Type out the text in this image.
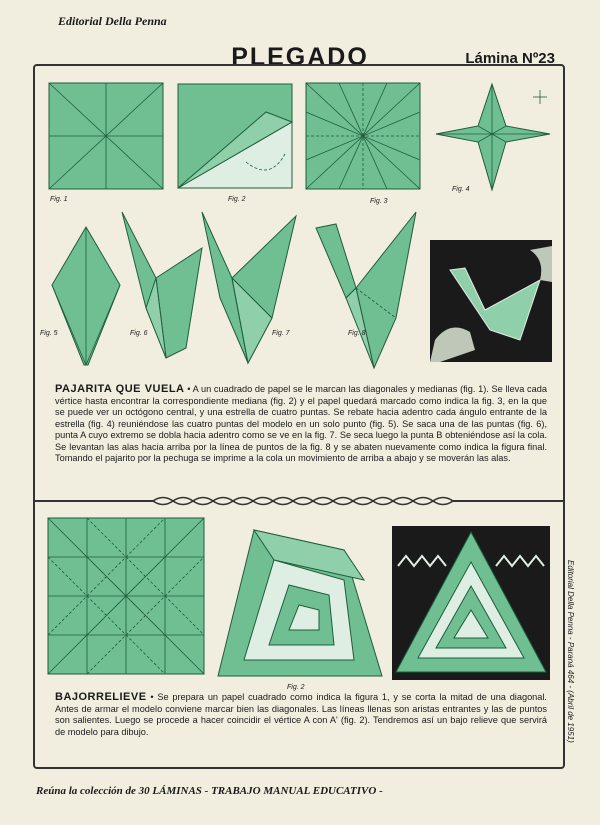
Editorial Della Penna
PLEGADO	Lámina Nº23
Fig. 1	Fig. 2	Fig. 3
Fig. 4
Fig. 5	Fig. 6	Fig. 7	Fig. 8
PAJARITA QUE VUELA • A un cuadrado de papel se le marcan las diagonales y medianas (fig. 1). Se lleva cada vértice hasta encontrar la correspondiente mediana (fig. 2) y el papel quedará marcado como indica la fig. 3, en la que se puede ver un octógono central, y una estrella de cuatro puntas. Se rebate hacia adentro cada ángulo entrante de la estrella (fig. 4) reuniéndose las cuatro puntas del modelo en un solo punto (fig. 5). Se saca una de las puntas (fig. 6), punta A cuyo extremo se dobla hacia adentro como se ve en la fig. 7. Se seca luego la punta B obteniéndose así la cola. Se levantan las alas hacia arriba por la línea de puntos de la fig. 8 y se abaten nuevamente como indica la figura final. Tomando el pajarito por la pechuga se imprime a la cola un movimiento de arriba a abajo y se moverán las alas.
Fig. 2
BAJORRELIEVE • Se prepara un papel cuadrado como indica la figura 1, y se corta la mitad de una diagonal. Antes de armar el modelo conviene marcar bien las diagonales. Las líneas llenas son aristas entrantes y las de puntos son salientes. Luego se procede a hacer coincidir el vértice A con A' (fig. 2). Tendremos así un bajo relieve que servirá de modelo para dibujo.	Editorial Della Penna - Paraná 464 - (Abril de 1951)
Reúna la colección de 30 LÁMINAS - TRABAJO MANUAL EDUCATIVO -
